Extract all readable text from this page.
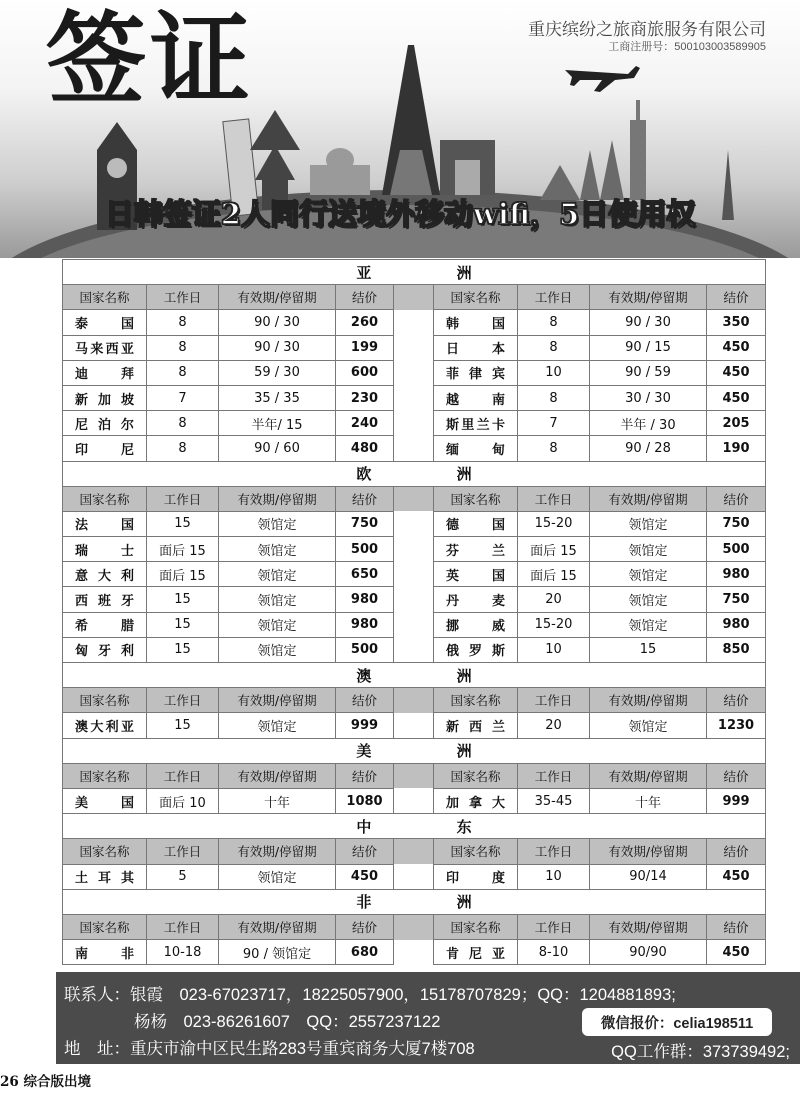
签证	重庆缤纷之旅商旅服务有限公司
工商注册号：500103003589905
日韩签证2人同行送境外移动wifi，5日使用权
亚 洲								
国家名称	工作日	有效期/停留期	结价		国家名称	工作日	有效期/停留期	结价
泰国	8	90 / 30	260		韩国	8	90 / 30	350
马来西亚	8	90 / 30	199		日本	8	90 / 15	450
迪拜	8	59 / 30	600		菲律宾	10	90 / 59	450
新加坡	7	35 / 35	230		越南	8	30 / 30	450
尼泊尔	8	半年/ 15	240		斯里兰卡	7	半年 / 30	205
印尼	8	90 / 60	480		缅甸	8	90 / 28	190
欧 洲								
国家名称	工作日	有效期/停留期	结价		国家名称	工作日	有效期/停留期	结价
法国	15	领馆定	750		德国	15-20	领馆定	750
瑞士	面后 15	领馆定	500		芬兰	面后 15	领馆定	500
意大利	面后 15	领馆定	650		英国	面后 15	领馆定	980
西班牙	15	领馆定	980		丹麦	20	领馆定	750
希腊	15	领馆定	980		挪威	15-20	领馆定	980
匈牙利	15	领馆定	500		俄罗斯	10	15	850
澳 洲								
国家名称	工作日	有效期/停留期	结价		国家名称	工作日	有效期/停留期	结价
澳大利亚	15	领馆定	999		新西兰	20	领馆定	1230
美 洲								
国家名称	工作日	有效期/停留期	结价		国家名称	工作日	有效期/停留期	结价
美国	面后 10	十年	1080		加拿大	35-45	十年	999
中 东								
国家名称	工作日	有效期/停留期	结价		国家名称	工作日	有效期/停留期	结价
土耳其	5	领馆定	450		印度	10	90/14	450
非 洲								
国家名称	工作日	有效期/停留期	结价		国家名称	工作日	有效期/停留期	结价
南非	10-18	90 / 领馆定	680		肯尼亚	8-10	90/90	450
联系人：银霞　023-67023717，18225057900，15178707829；QQ：1204881893;
杨杨　023-86261607　QQ：2557237122
地　址：重庆市渝中区民生路283号重宾商务大厦7楼708
微信报价：celia198511
QQ工作群：373739492;
26 综合版出境
